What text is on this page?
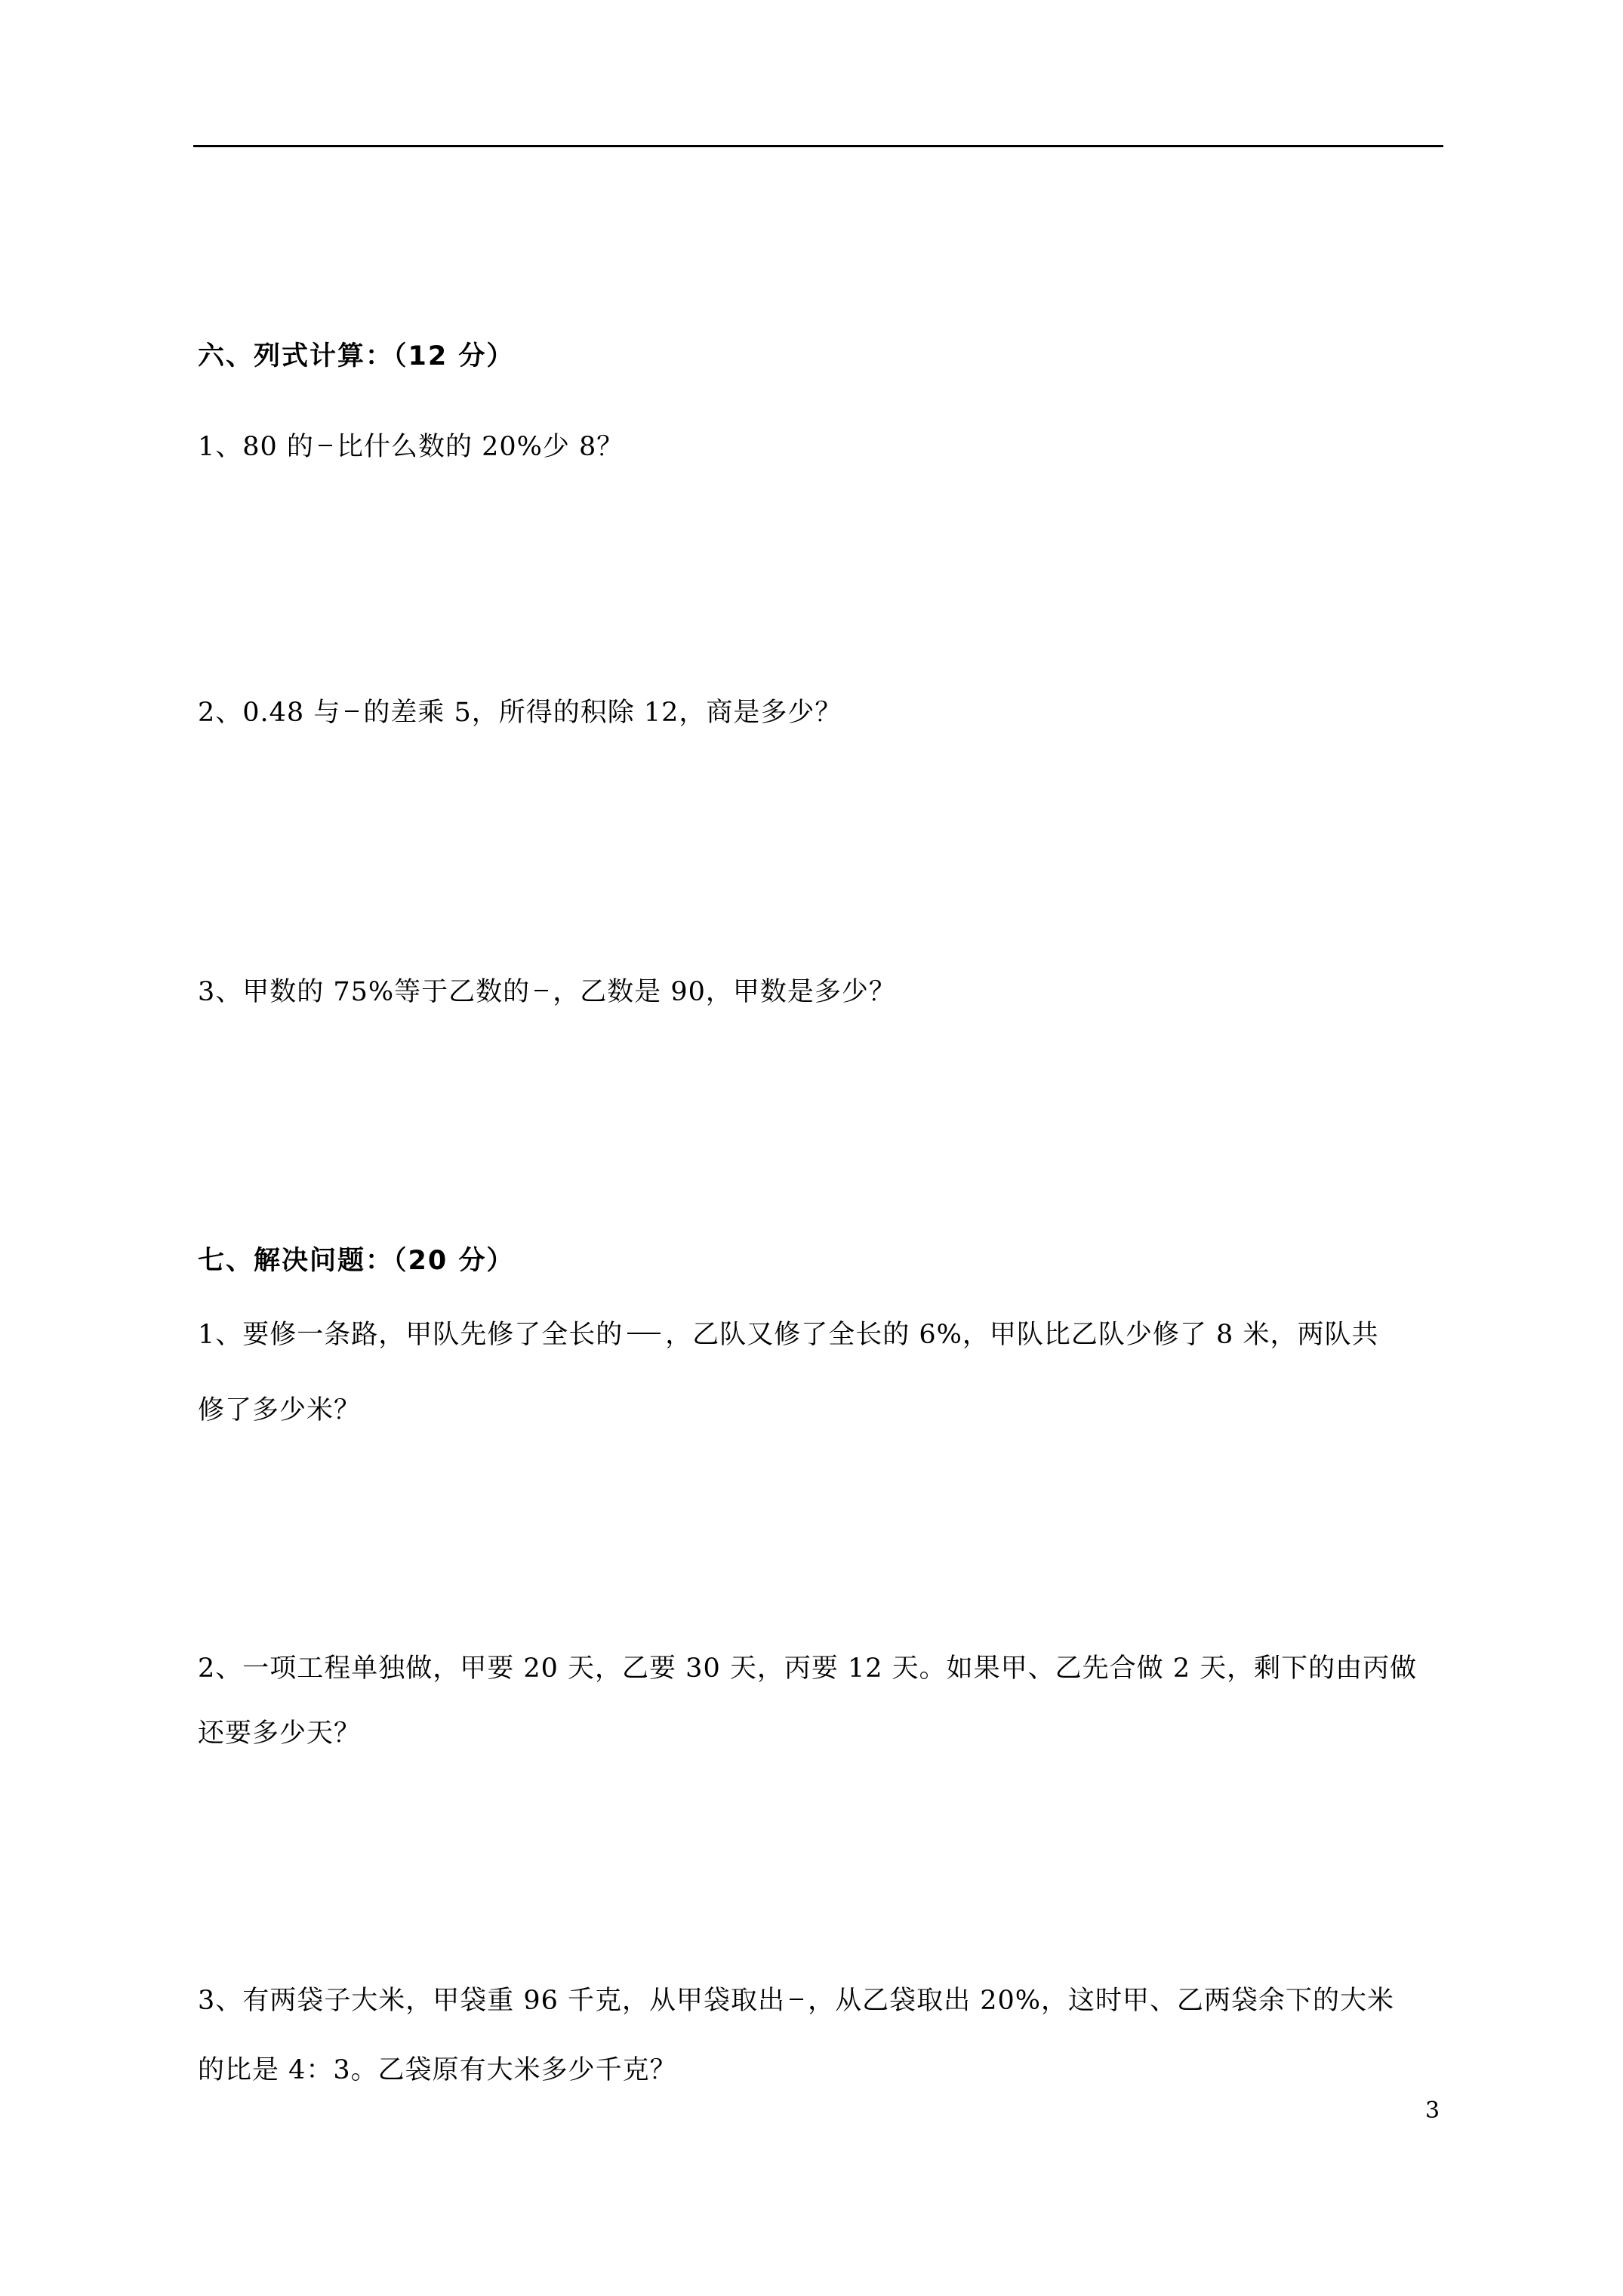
六、列式计算：（12 分）
1、80 的 比什么数的 20%少 8？
2、0.48 与 的差乘 5，所得的积除 12，商是多少？
3、甲数的 75%等于乙数的 ，乙数是 90，甲数是多少？
七、解决问题：（20 分）
1、要修一条路，甲队先修了全长的 ，乙队又修了全长的 6%，甲队比乙队少修了 8 米，两队共
修了多少米？
2、一项工程单独做，甲要 20 天，乙要 30 天，丙要 12 天。如果甲、乙先合做 2 天，剩下的由丙做
还要多少天？
3、有两袋子大米，甲袋重 96 千克，从甲袋取出 ，从乙袋取出 20%，这时甲、乙两袋余下的大米
的比是 4：3。乙袋原有大米多少千克？
3
